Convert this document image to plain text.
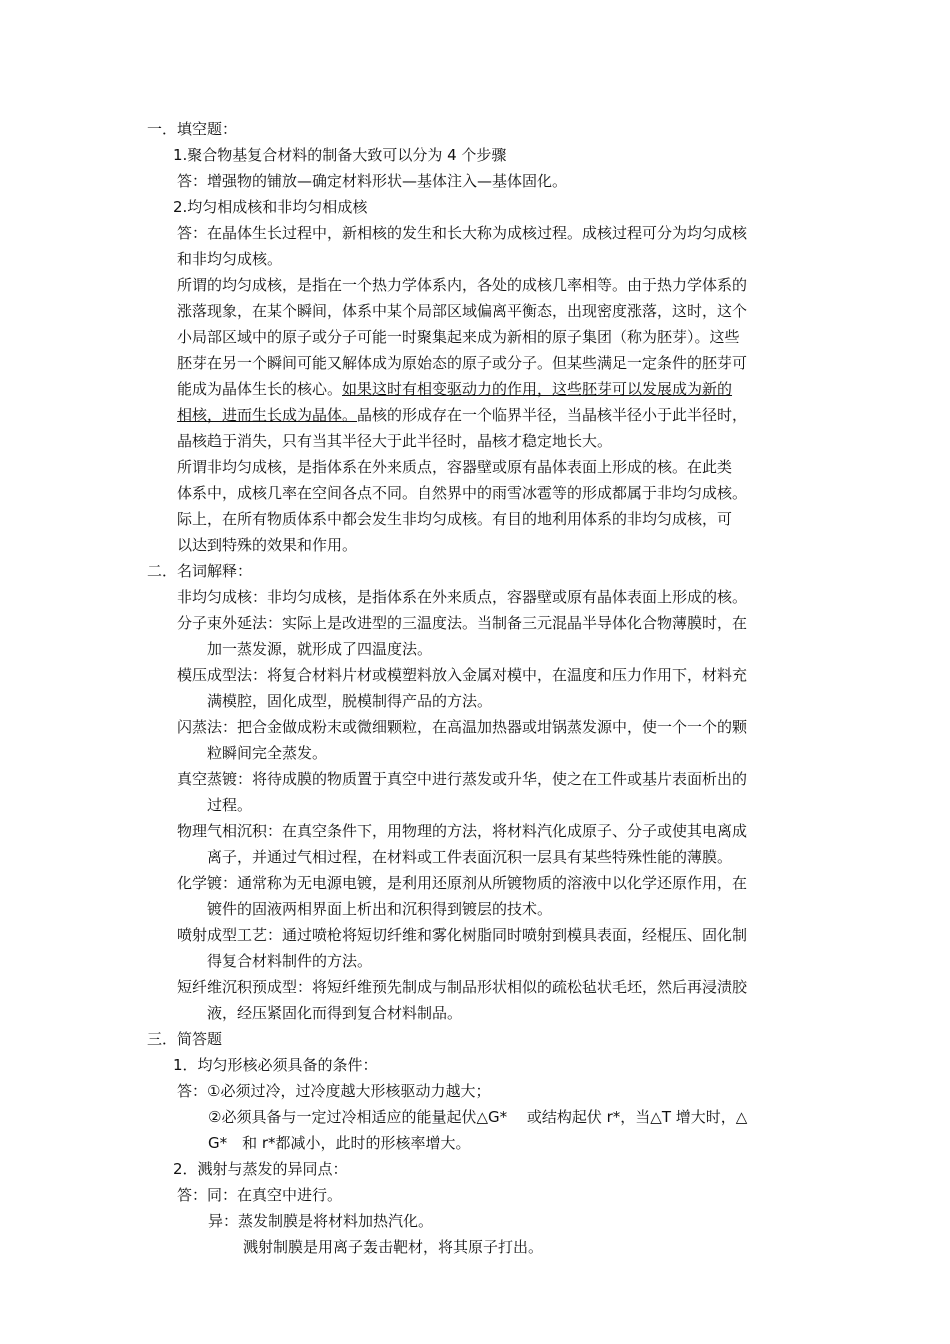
一．填空题：
1.聚合物基复合材料的制备大致可以分为 4 个步骤
答：增强物的铺放—确定材料形状—基体注入—基体固化。
2.均匀相成核和非均匀相成核
答：在晶体生长过程中，新相核的发生和长大称为成核过程。成核过程可分为均匀成核
和非均匀成核。
所谓的均匀成核，是指在一个热力学体系内，各处的成核几率相等。由于热力学体系的
涨落现象，在某个瞬间，体系中某个局部区域偏离平衡态，出现密度涨落，这时，这个
小局部区域中的原子或分子可能一时聚集起来成为新相的原子集团（称为胚芽）。这些
胚芽在另一个瞬间可能又解体成为原始态的原子或分子。但某些满足一定条件的胚芽可
能成为晶体生长的核心。如果这时有相变驱动力的作用，这些胚芽可以发展成为新的
相核，进而生长成为晶体。晶核的形成存在一个临界半径，当晶核半径小于此半径时，
晶核趋于消失，只有当其半径大于此半径时，晶核才稳定地长大。
所谓非均匀成核，是指体系在外来质点，容器壁或原有晶体表面上形成的核。在此类
体系中，成核几率在空间各点不同。自然界中的雨雪冰雹等的形成都属于非均匀成核。
际上，在所有物质体系中都会发生非均匀成核。有目的地利用体系的非均匀成核，可
以达到特殊的效果和作用。
二．名词解释：
非均匀成核：非均匀成核，是指体系在外来质点，容器壁或原有晶体表面上形成的核。
分子束外延法：实际上是改进型的三温度法。当制备三元混晶半导体化合物薄膜时，在
加一蒸发源，就形成了四温度法。
模压成型法：将复合材料片材或模塑料放入金属对模中，在温度和压力作用下，材料充
满模腔，固化成型，脱模制得产品的方法。
闪蒸法：把合金做成粉末或微细颗粒，在高温加热器或坩锅蒸发源中，使一个一个的颗
粒瞬间完全蒸发。
真空蒸镀：将待成膜的物质置于真空中进行蒸发或升华，使之在工件或基片表面析出的
过程。
物理气相沉积：在真空条件下，用物理的方法，将材料汽化成原子、分子或使其电离成
离子，并通过气相过程，在材料或工件表面沉积一层具有某些特殊性能的薄膜。
化学镀：通常称为无电源电镀，是利用还原剂从所镀物质的溶液中以化学还原作用，在
镀件的固液两相界面上析出和沉积得到镀层的技术。
喷射成型工艺：通过喷枪将短切纤维和雾化树脂同时喷射到模具表面，经棍压、固化制
得复合材料制件的方法。
短纤维沉积预成型：将短纤维预先制成与制品形状相似的疏松毡状毛坯，然后再浸渍胶
液，经压紧固化而得到复合材料制品。
三．简答题
1．均匀形核必须具备的条件：
答：①必须过冷，过冷度越大形核驱动力越大；
②必须具备与一定过冷相适应的能量起伏△G*　 或结构起伏 r*，当△T 增大时，△
G*　和 r*都减小，此时的形核率增大。
2．溅射与蒸发的异同点：
答：同：在真空中进行。
异：蒸发制膜是将材料加热汽化。
溅射制膜是用离子轰击靶材，将其原子打出。
